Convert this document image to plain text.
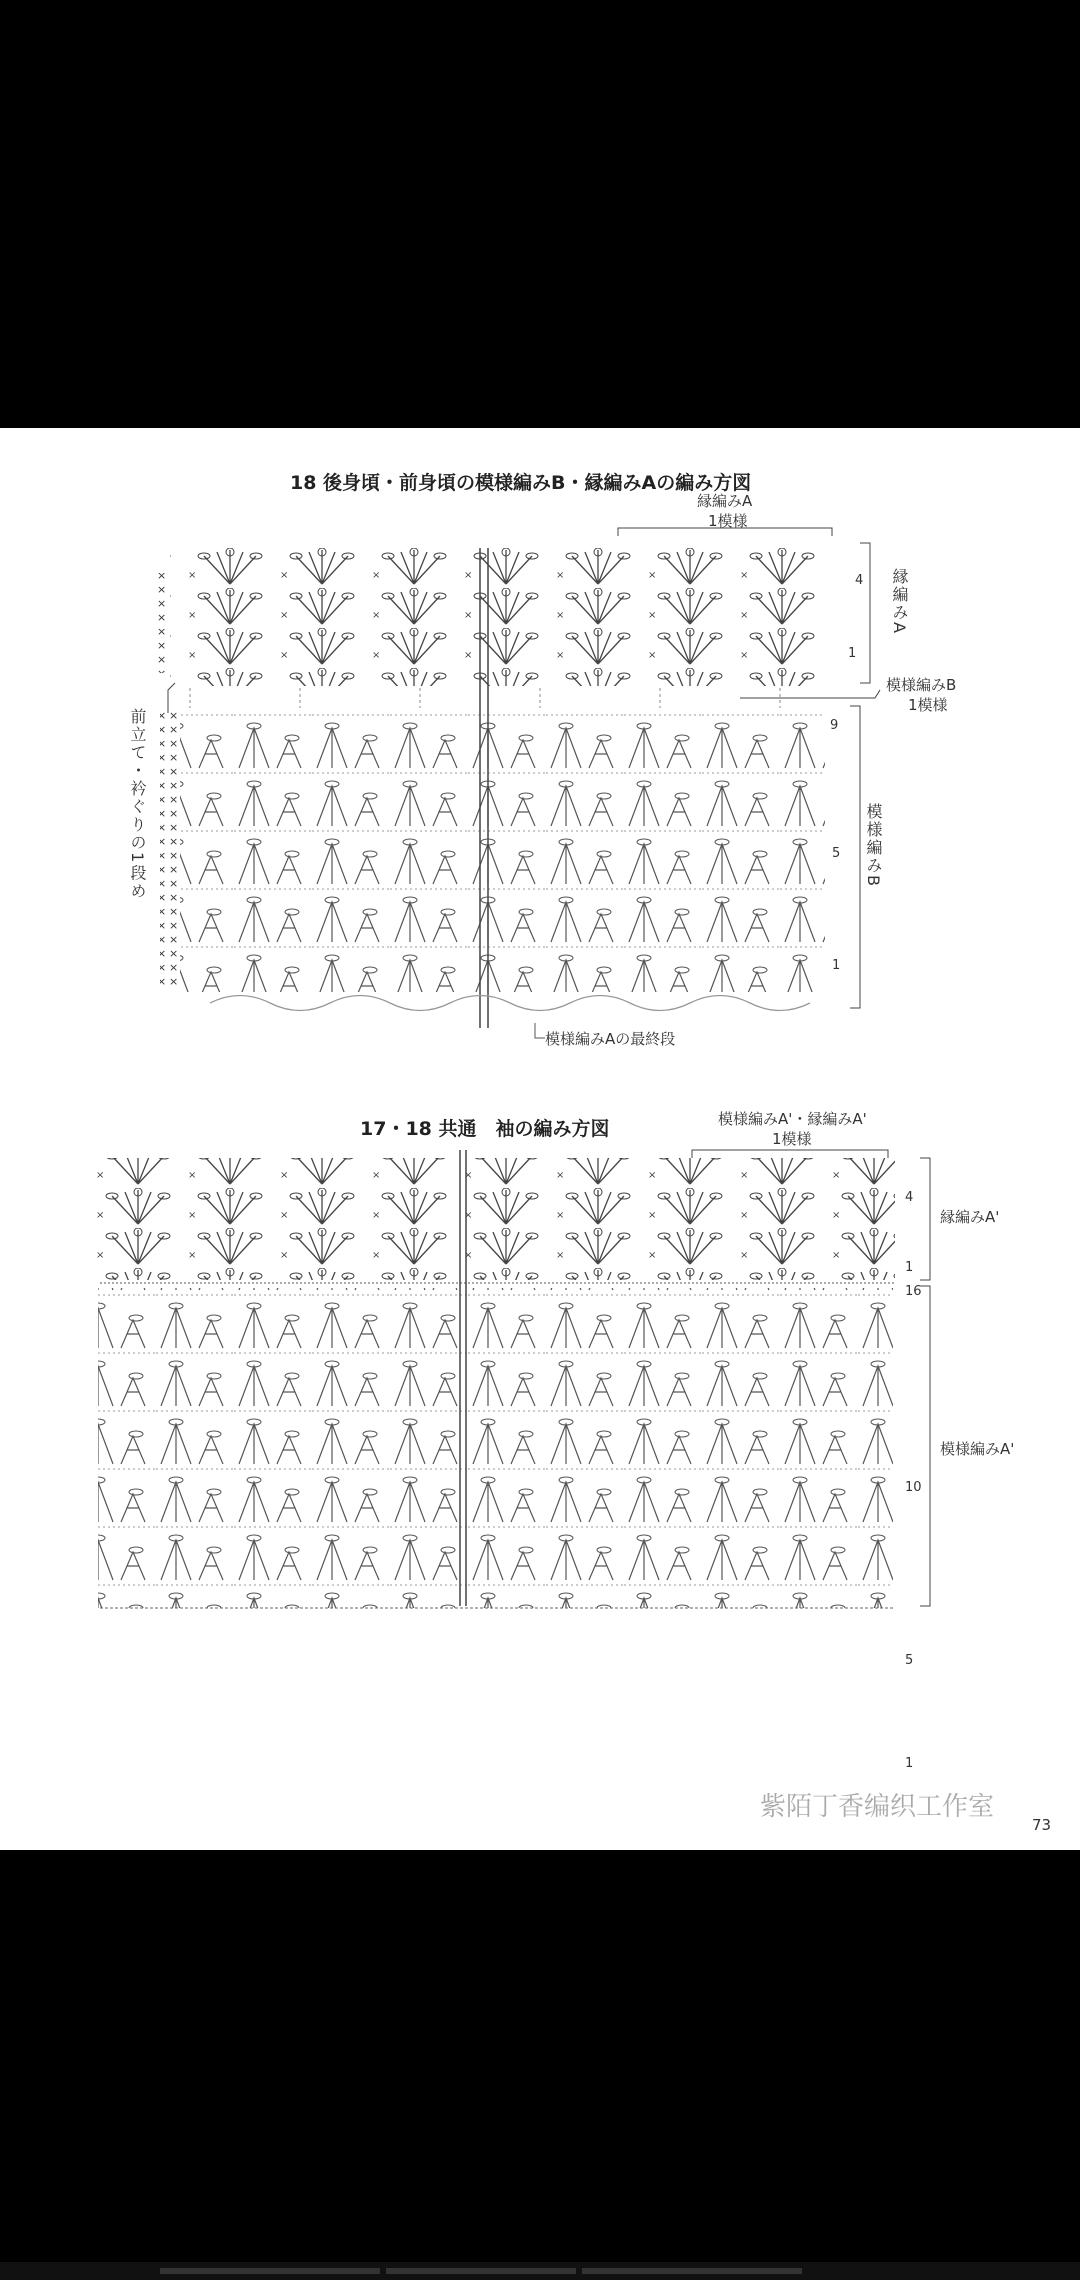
18 後身頃・前身頃の模様編みB・縁編みAの編み方図
縁編みA
1模様
縁編みA
模様編みB
1模様
模様編みB
前立て・衿ぐりの1段め
模様編みAの最終段
4
1
9
5
1
17・18 共通　袖の編み方図	模様編みA'・縁編みA'
1模様
縁編みA'
模様編みA'
4
1
16
10
5
1
紫陌丁香编织工作室
73
